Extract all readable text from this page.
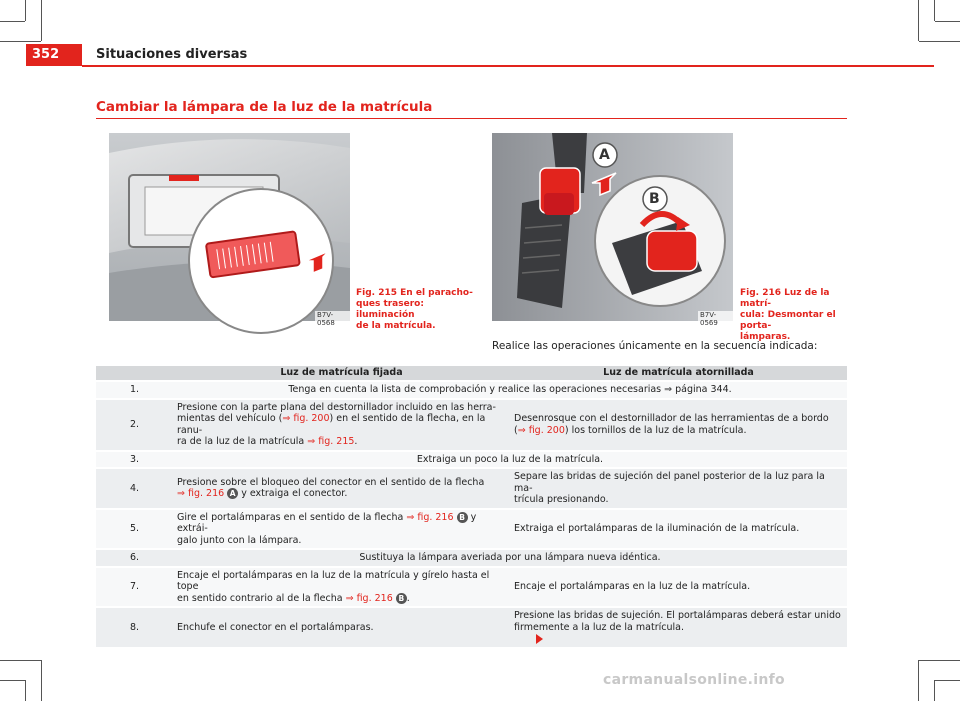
352	Situaciones diversas
Cambiar la lámpara de la luz de la matrícula
B7V-0568
Fig. 215 En el paracho-
ques trasero: iluminación
de la matrícula.
A
B
B7V-0569
Fig. 216 Luz de la matrí-
cula: Desmontar el porta-
lámparas.
Realice las operaciones únicamente en la secuencia indicada:
	Luz de matrícula fijada	Luz de matrícula atornillada
1.	Tenga en cuenta la lista de comprobación y realice las operaciones necesarias ⇒ página 344.	
2.	Presione con la parte plana del destornillador incluido en las herra-
mientas del vehículo (⇒ fig. 200) en el sentido de la flecha, en la ranu-
ra de la luz de la matrícula ⇒ fig. 215.	Desenrosque con el destornillador de las herramientas de a bordo
(⇒ fig. 200) los tornillos de la luz de la matrícula.
3.	Extraiga un poco la luz de la matrícula.	
4.	Presione sobre el bloqueo del conector en el sentido de la flecha
⇒ fig. 216 A y extraiga el conector.	Separe las bridas de sujeción del panel posterior de la luz para la ma-
trícula presionando.
5.	Gire el portalámparas en el sentido de la flecha ⇒ fig. 216 B y extrái-
galo junto con la lámpara.	Extraiga el portalámparas de la iluminación de la matrícula.
6.	Sustituya la lámpara averiada por una lámpara nueva idéntica.	
7.	Encaje el portalámparas en la luz de la matrícula y gírelo hasta el tope
en sentido contrario al de la flecha ⇒ fig. 216 B .	Encaje el portalámparas en la luz de la matrícula.
8.	Enchufe el conector en el portalámparas.	Presione las bridas de sujeción. El portalámparas deberá estar unido
firmemente a la luz de la matrícula.
carmanualsonline.info
